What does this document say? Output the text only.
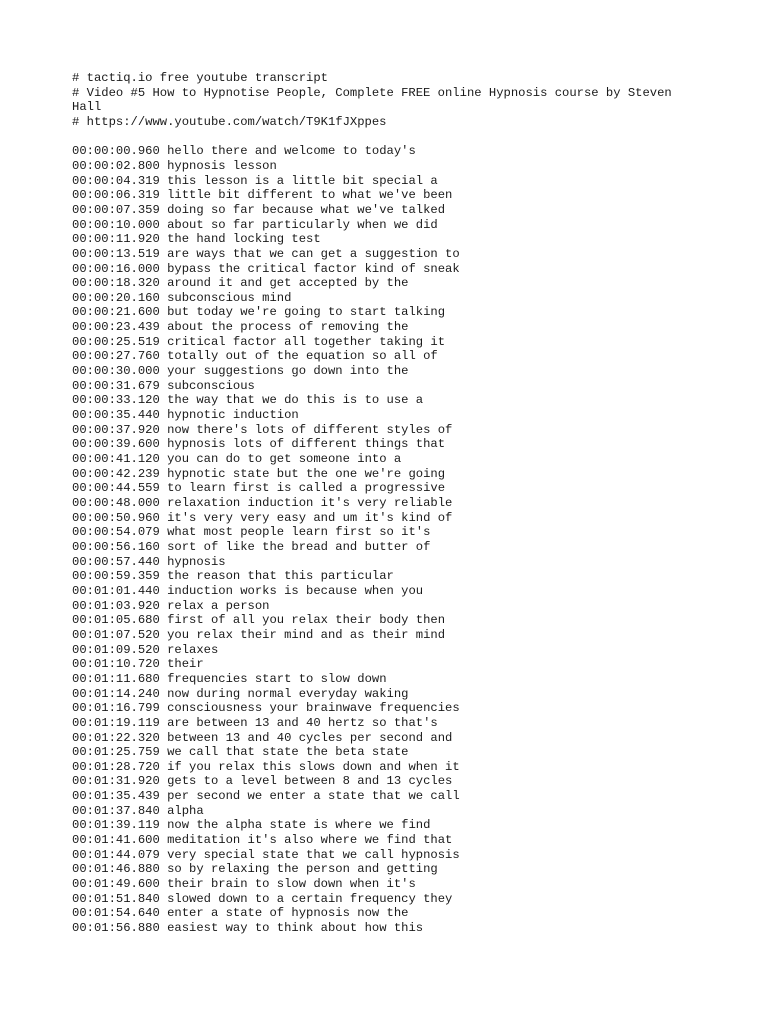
# tactiq.io free youtube transcript
# Video #5 How to Hypnotise People, Complete FREE online Hypnosis course by Steven Hall
# https://www.youtube.com/watch/T9K1fJXppes
00:00:00.960 hello there and welcome to today's
00:00:02.800 hypnosis lesson
00:00:04.319 this lesson is a little bit special a
00:00:06.319 little bit different to what we've been
00:00:07.359 doing so far because what we've talked
00:00:10.000 about so far particularly when we did
00:00:11.920 the hand locking test
00:00:13.519 are ways that we can get a suggestion to
00:00:16.000 bypass the critical factor kind of sneak
00:00:18.320 around it and get accepted by the
00:00:20.160 subconscious mind
00:00:21.600 but today we're going to start talking
00:00:23.439 about the process of removing the
00:00:25.519 critical factor all together taking it
00:00:27.760 totally out of the equation so all of
00:00:30.000 your suggestions go down into the
00:00:31.679 subconscious
00:00:33.120 the way that we do this is to use a
00:00:35.440 hypnotic induction
00:00:37.920 now there's lots of different styles of
00:00:39.600 hypnosis lots of different things that
00:00:41.120 you can do to get someone into a
00:00:42.239 hypnotic state but the one we're going
00:00:44.559 to learn first is called a progressive
00:00:48.000 relaxation induction it's very reliable
00:00:50.960 it's very very easy and um it's kind of
00:00:54.079 what most people learn first so it's
00:00:56.160 sort of like the bread and butter of
00:00:57.440 hypnosis
00:00:59.359 the reason that this particular
00:01:01.440 induction works is because when you
00:01:03.920 relax a person
00:01:05.680 first of all you relax their body then
00:01:07.520 you relax their mind and as their mind
00:01:09.520 relaxes
00:01:10.720 their
00:01:11.680 frequencies start to slow down
00:01:14.240 now during normal everyday waking
00:01:16.799 consciousness your brainwave frequencies
00:01:19.119 are between 13 and 40 hertz so that's
00:01:22.320 between 13 and 40 cycles per second and
00:01:25.759 we call that state the beta state
00:01:28.720 if you relax this slows down and when it
00:01:31.920 gets to a level between 8 and 13 cycles
00:01:35.439 per second we enter a state that we call
00:01:37.840 alpha
00:01:39.119 now the alpha state is where we find
00:01:41.600 meditation it's also where we find that
00:01:44.079 very special state that we call hypnosis
00:01:46.880 so by relaxing the person and getting
00:01:49.600 their brain to slow down when it's
00:01:51.840 slowed down to a certain frequency they
00:01:54.640 enter a state of hypnosis now the
00:01:56.880 easiest way to think about how this
